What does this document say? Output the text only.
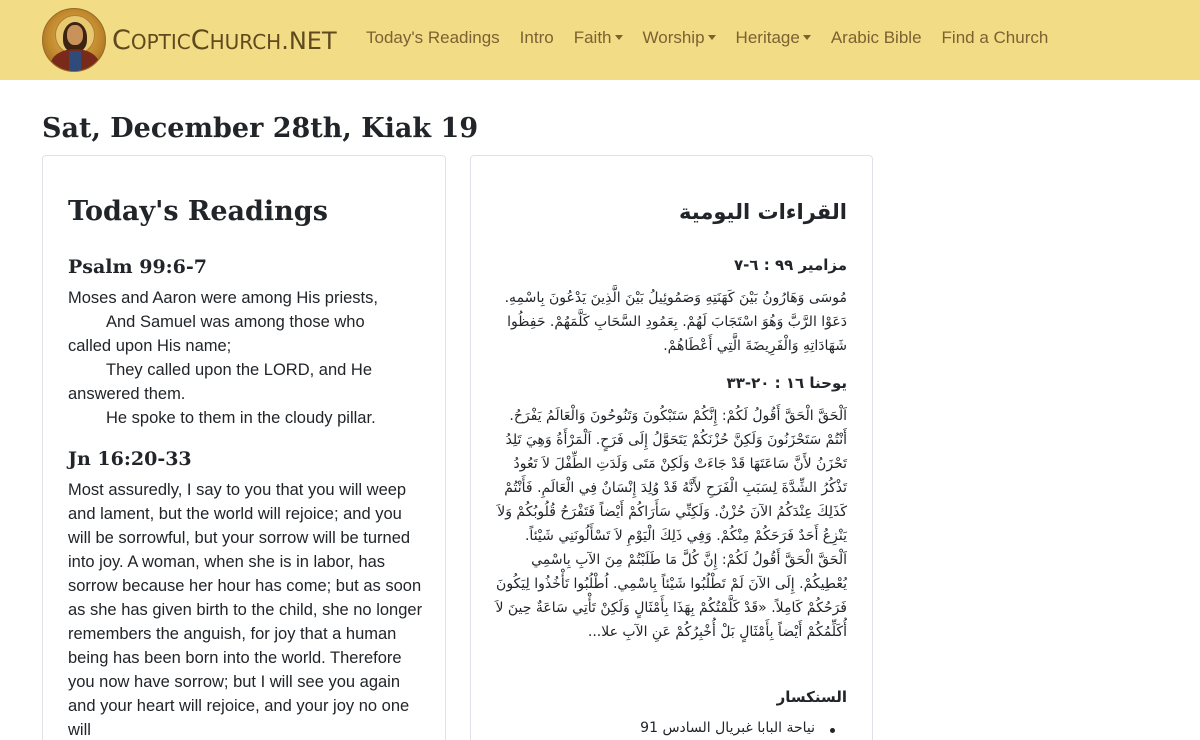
COPTICCHURCH.NET Today's Readings Intro Faith	Worship	Heritage	Arabic Bible Find a Church
Sat, December 28th, Kiak 19
Today's Readings
Psalm 99:6-7
Moses and Aaron were among His priests,
And Samuel was among those who
called upon His name;
They called upon the LORD, and He
answered them.
He spoke to them in the cloudy pillar.
Jn 16:20-33
Most assuredly, I say to you that you will weep and lament, but the world will rejoice; and you will be sorrowful, but your sorrow will be turned into joy. A woman, when she is in labor, has sorrow because her hour has come; but as soon as she has given birth to the child, she no longer remembers the anguish, for joy that a human being has been born into the world. Therefore you now have sorrow; but I will see you again and your heart will rejoice, and your joy no one will
القراءات اليومية
مزامير ٩٩ : ٦-٧
مُوسَى وَهَارُونُ بَيْنَ كَهَنَتِهِ وَصَمُوئِيلُ بَيْنَ الَّذِينَ يَدْعُونَ بِاسْمِهِ. دَعَوْا الرَّبَّ وَهُوَ اسْتَجَابَ لَهُمْ. بِعَمُودِ السَّحَابِ كَلَّمَهُمْ. حَفِظُوا شَهَادَاتِهِ وَالْفَرِيضَةَ الَّتِي أَعْطَاهُمْ.
يوحنا ١٦ : ٢٠-٣٣
اَلْحَقَّ الْحَقَّ أَقُولُ لَكُمْ: إِنَّكُمْ سَتَبْكُونَ وَتَنُوحُونَ وَالْعَالَمُ يَفْرَحُ. أَنْتُمْ سَتَحْزَنُونَ وَلَكِنَّ حُزْنَكُمْ يَتَحَوَّلُ إِلَى فَرَحٍ. اَلْمَرْأَةُ وَهِيَ تَلِدُ تَحْزَنُ لأَنَّ سَاعَتَهَا قَدْ جَاءَتْ وَلَكِنْ مَتَى وَلَدَتِ الطِّفْلَ لاَ تَعُودُ تَذْكُرُ الشِّدَّةَ لِسَبَبِ الْفَرَحِ لأَنَّهُ قَدْ وُلِدَ إِنْسَانٌ فِي الْعَالَمِ. فَأَنْتُمْ كَذَلِكَ عِنْدَكُمُ الآنَ حُزْنٌ. وَلَكِنِّي سَأَرَاكُمْ أَيْضاً فَتَفْرَحُ قُلُوبُكُمْ وَلاَ يَنْزِعُ أَحَدٌ فَرَحَكُمْ مِنْكُمْ. وَفِي ذَلِكَ الْيَوْمِ لاَ تَسْأَلُونَنِي شَيْئاً. اَلْحَقَّ الْحَقَّ أَقُولُ لَكُمْ: إِنَّ كُلَّ مَا طَلَبْتُمْ مِنَ الآبِ بِاسْمِي يُعْطِيكُمْ. إِلَى الآنَ لَمْ تَطْلُبُوا شَيْئاً بِاسْمِي. اُطْلُبُوا تَأْخُذُوا لِيَكُونَ فَرَحُكُمْ كَامِلاً. «قَدْ كَلَّمْتُكُمْ بِهَذَا بِأَمْثَالٍ وَلَكِنْ تَأْتِي سَاعَةٌ حِينَ لاَ أُكَلِّمُكُمْ أَيْضاً بِأَمْثَالٍ بَلْ أُخْبِرُكُمْ عَنِ الآبِ علا...
السنكسار
نياحة البابا غبريال السادس 91
